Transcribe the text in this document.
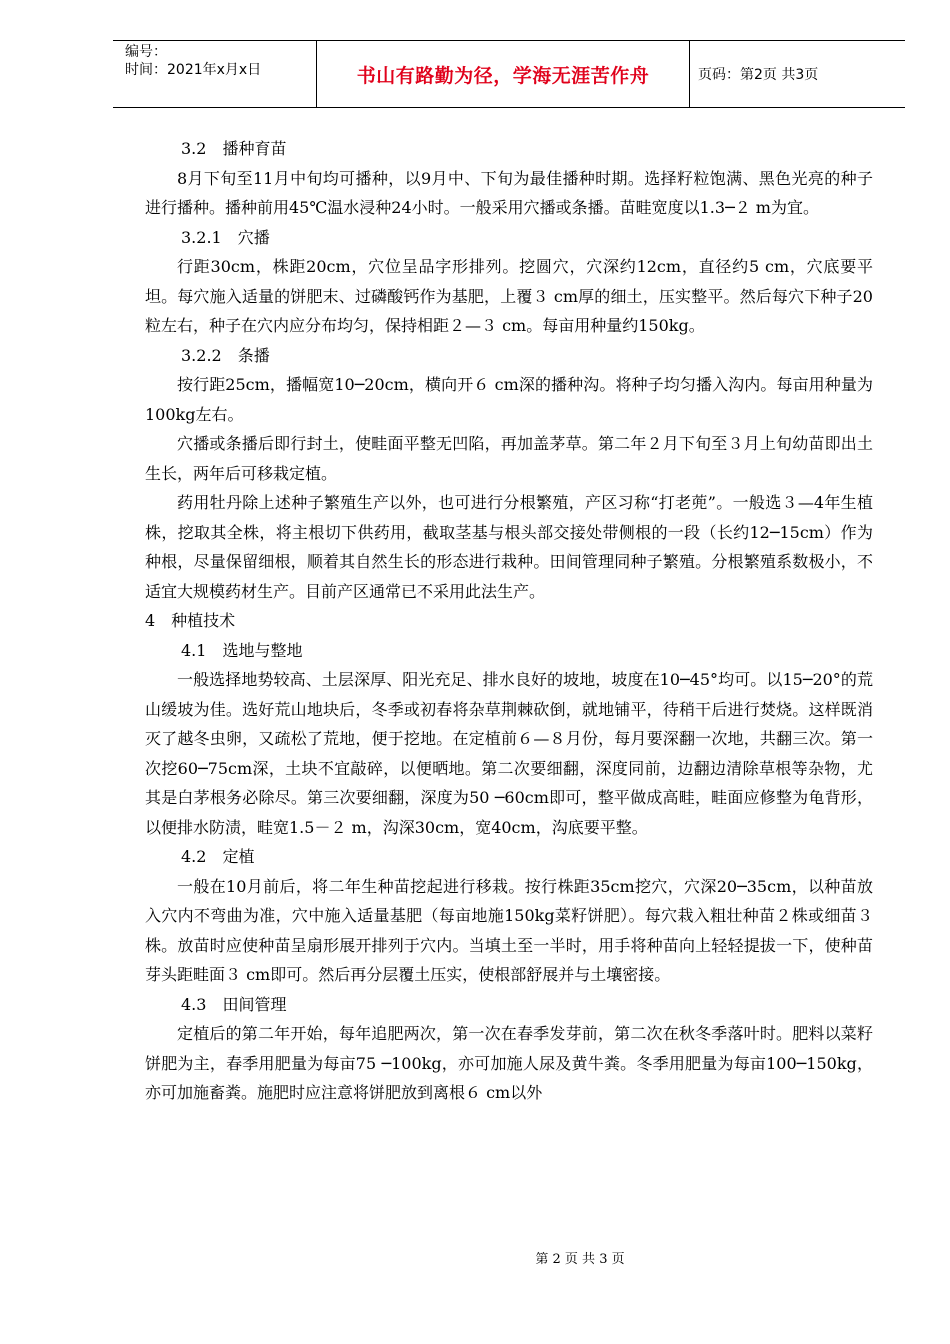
编号：
时间：2021年x月x日	书山有路勤为径，学海无涯苦作舟	页码：第2页 共3页

3.2　播种育苗

8月下旬至11月中旬均可播种，以9月中、下旬为最佳播种时期。选择籽粒饱满、黑色光亮的种子进行播种。播种前用45℃温水浸种24小时。一般采用穴播或条播。苗畦宽度以1.3─２ m为宜。

3.2.1　穴播

行距30cm，株距20cm，穴位呈品字形排列。挖圆穴，穴深约12cm，直径约5 cm，穴底要平坦。每穴施入适量的饼肥末、过磷酸钙作为基肥，上覆３ cm厚的细土，压实整平。然后每穴下种子20粒左右，种子在穴内应分布均匀，保持相距２—３ cm。每亩用种量约150kg。

3.2.2　条播

按行距25cm，播幅宽10─20cm，横向开６ cm深的播种沟。将种子均匀播入沟内。每亩用种量为100kg左右。

穴播或条播后即行封土，使畦面平整无凹陷，再加盖茅草。第二年２月下旬至３月上旬幼苗即出土生长，两年后可移栽定植。

药用牡丹除上述种子繁殖生产以外，也可进行分根繁殖，产区习称“打老蔸”。一般选３—4年生植株，挖取其全株，将主根切下供药用，截取茎基与根头部交接处带侧根的一段（长约12─15cm）作为种根，尽量保留细根，顺着其自然生长的形态进行栽种。田间管理同种子繁殖。分根繁殖系数极小，不适宜大规模药材生产。目前产区通常已不采用此法生产。

4　种植技术

4.1　选地与整地

一般选择地势较高、土层深厚、阳光充足、排水良好的坡地，坡度在10─45°均可。以15─20°的荒山缓坡为佳。选好荒山地块后，冬季或初春将杂草荆棘砍倒，就地铺平，待稍干后进行焚烧。这样既消灭了越冬虫卵，又疏松了荒地，便于挖地。在定植前６—８月份，每月要深翻一次地，共翻三次。第一次挖60─75cm深，土块不宜敲碎，以便晒地。第二次要细翻，深度同前，边翻边清除草根等杂物，尤其是白茅根务必除尽。第三次要细翻，深度为50 ─60cm即可，整平做成高畦，畦面应修整为龟背形，以便排水防渍，畦宽1.5－２ m，沟深30cm，宽40cm，沟底要平整。

4.2　定植

一般在10月前后，将二年生种苗挖起进行移栽。按行株距35cm挖穴，穴深20─35cm，以种苗放入穴内不弯曲为准，穴中施入适量基肥（每亩地施150kg菜籽饼肥）。每穴栽入粗壮种苗２株或细苗３株。放苗时应使种苗呈扇形展开排列于穴内。当填土至一半时，用手将种苗向上轻轻提拔一下，使种苗芽头距畦面３ cm即可。然后再分层覆土压实，使根部舒展并与土壤密接。

4.3　田间管理

定植后的第二年开始，每年追肥两次，第一次在春季发芽前，第二次在秋冬季落叶时。肥料以菜籽饼肥为主，春季用肥量为每亩75 ─100kg，亦可加施人尿及黄牛粪。冬季用肥量为每亩100─150kg，亦可加施畜粪。施肥时应注意将饼肥放到离根６ cm以外

第 2 页 共 3 页
